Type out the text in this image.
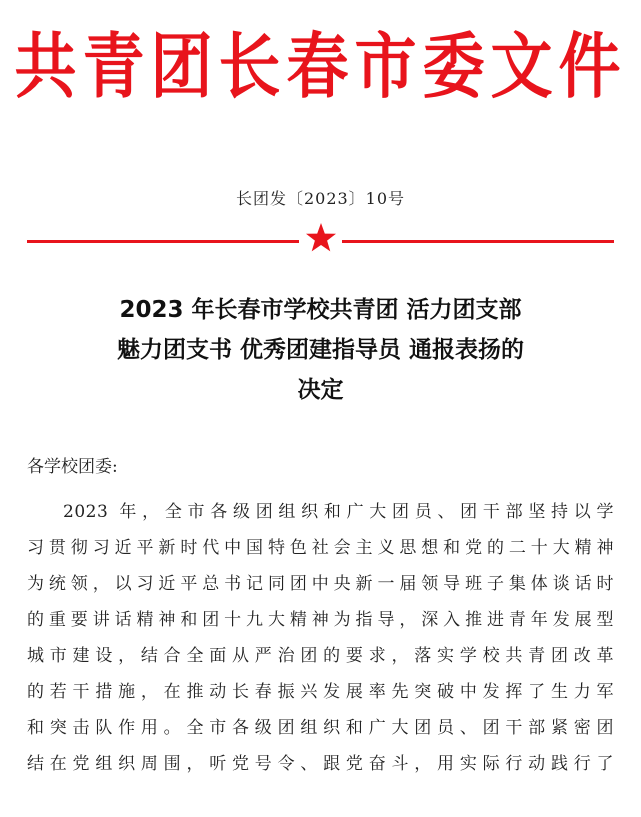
共青团长春市委文件
长团发〔2023〕10号
2023 年长春市学校共青团 活力团支部
魅力团支书 优秀团建指导员 通报表扬的
决定
各学校团委:
2023 年，全市各级团组织和广大团员、团干部坚持以学
习贯彻习近平新时代中国特色社会主义思想和党的二十大精神
为统领，以习近平总书记同团中央新一届领导班子集体谈话时
的重要讲话精神和团十九大精神为指导，深入推进青年发展型
城市建设，结合全面从严治团的要求，落实学校共青团改革
的若干措施，在推动长春振兴发展率先突破中发挥了生力军
和突击队作用。全市各级团组织和广大团员、团干部紧密团
结在党组织周围，听党号令、跟党奋斗，用实际行动践行了
